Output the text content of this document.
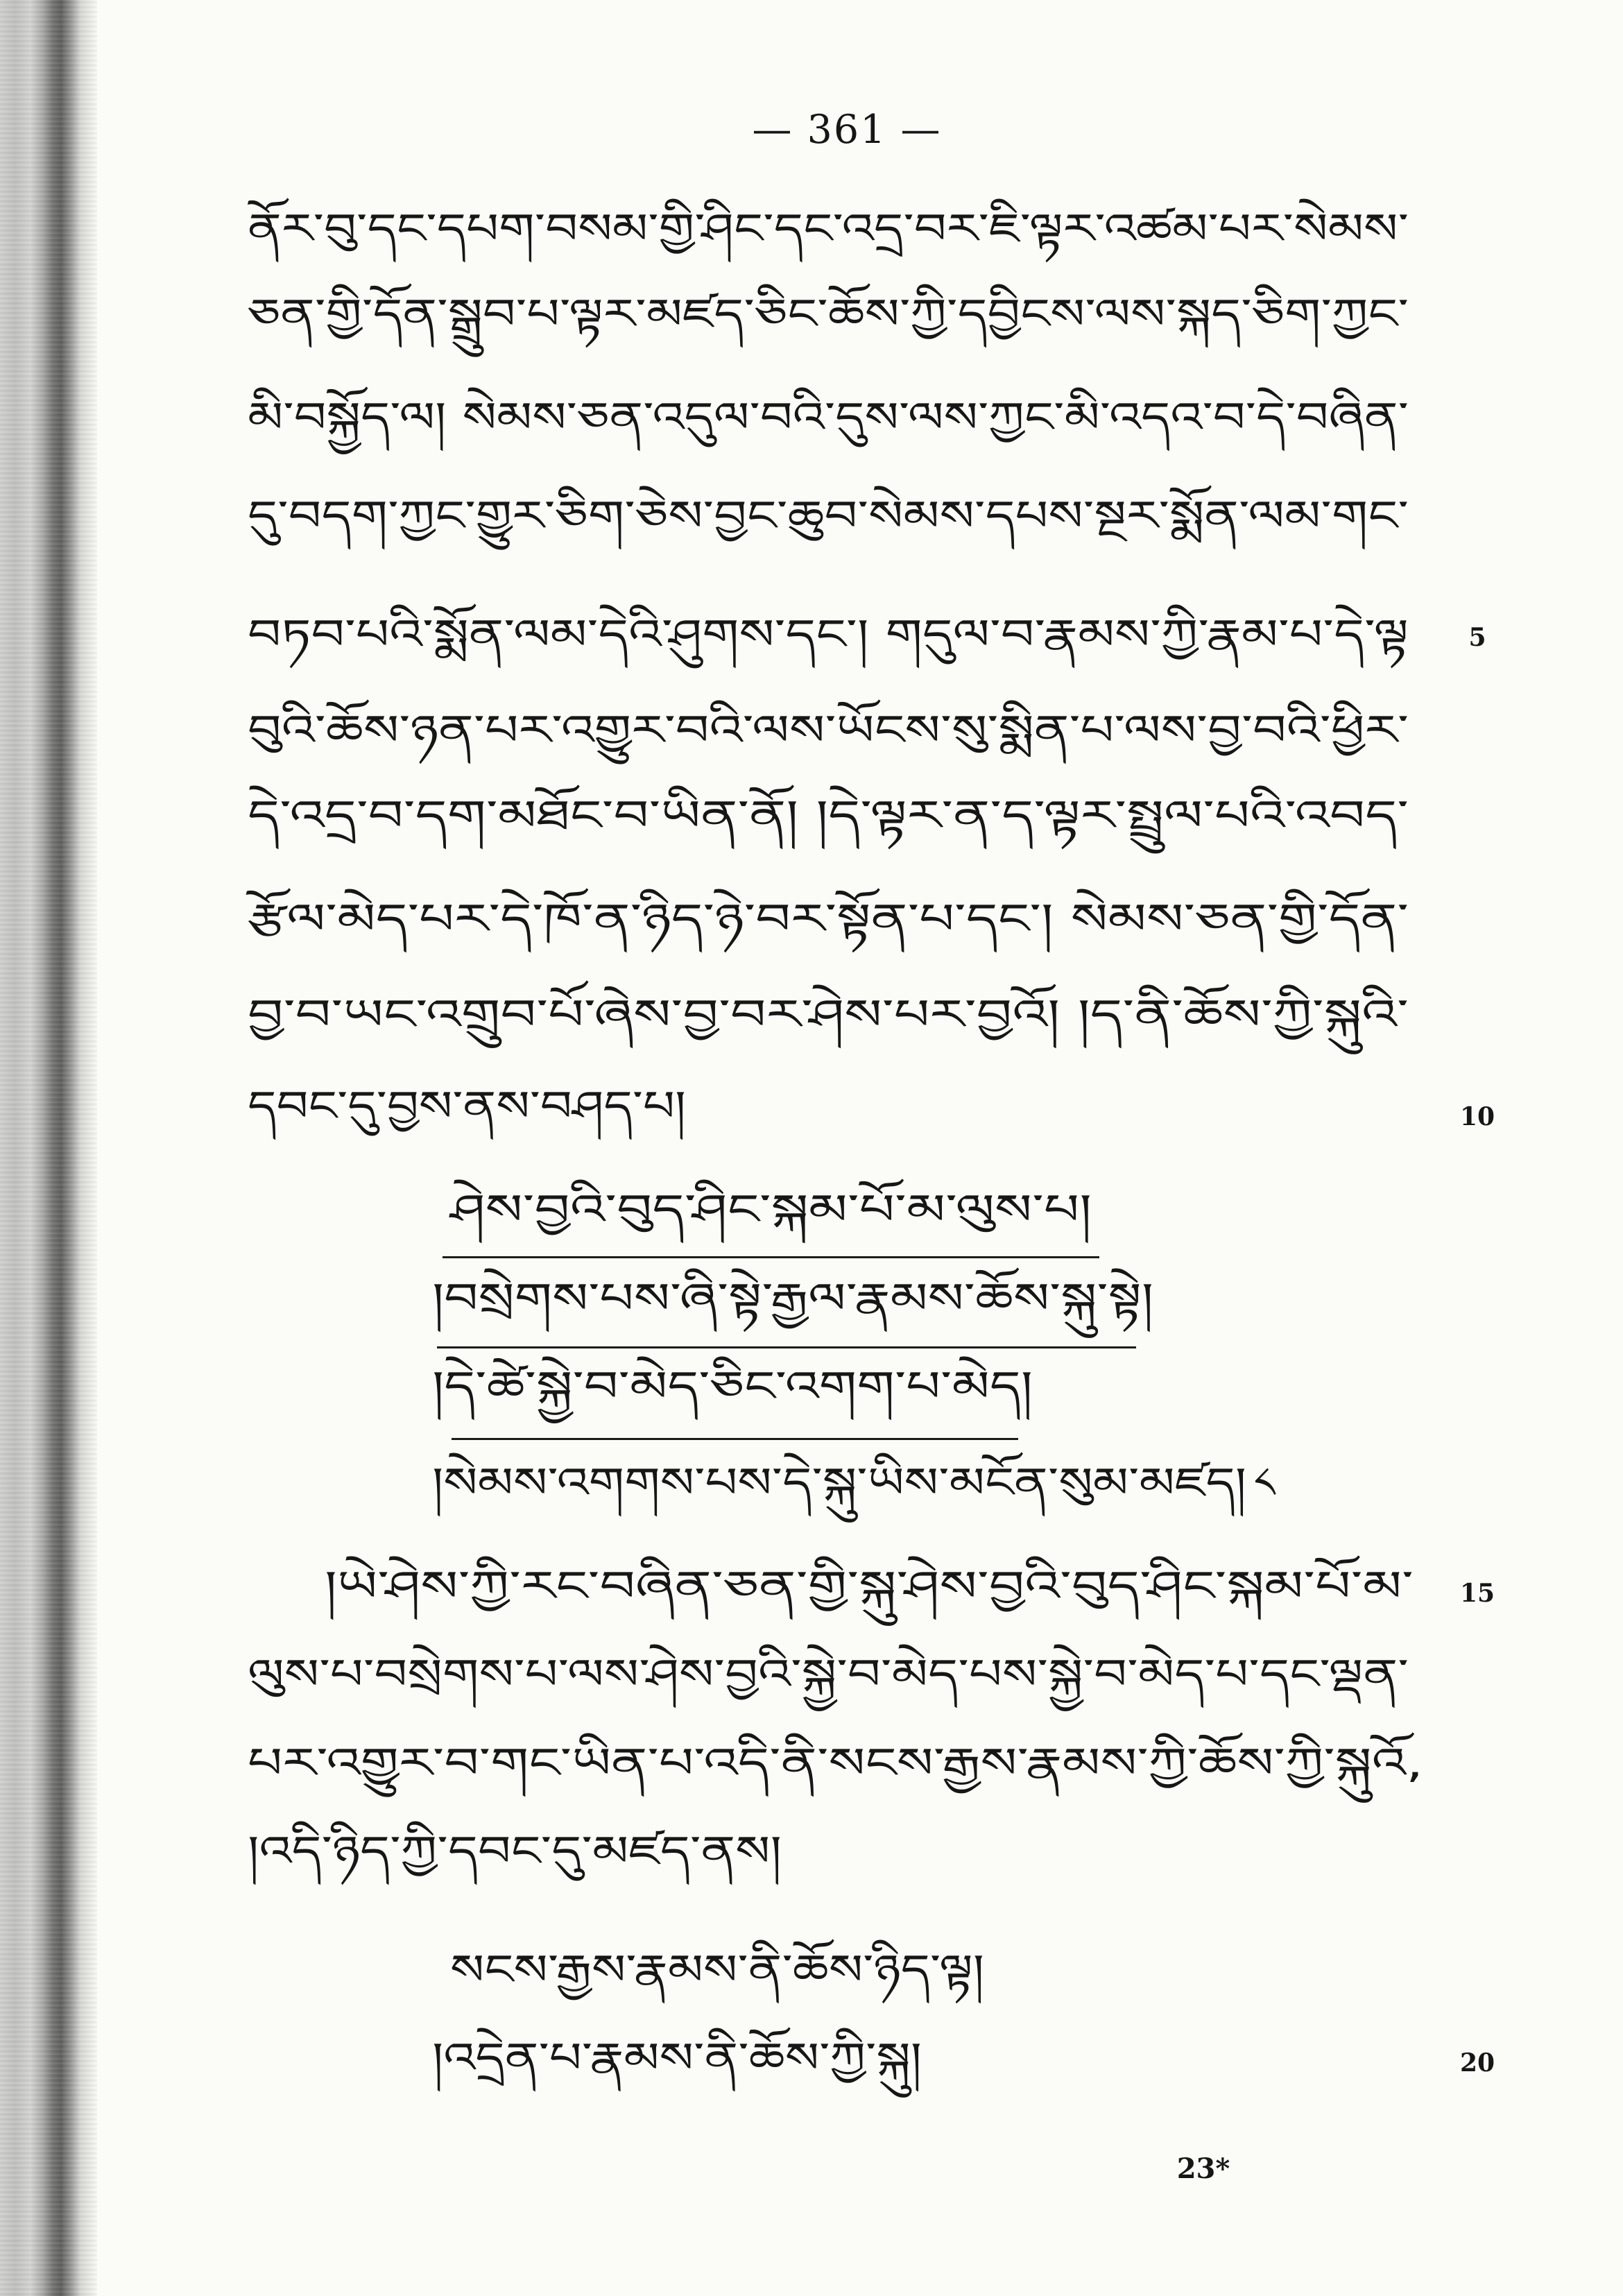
— 361 —
ནོར་བུ་དང་དཔག་བསམ་གྱི་ཤིང་དང་འདྲ་བར་ཇི་ལྟར་འཚམ་པར་སེམས་
ཅན་གྱི་དོན་སྒྲུབ་པ་ལྟར་མཛད་ཅིང་ཆོས་ཀྱི་དབྱིངས་ལས་སྐད་ཅིག་ཀྱང་
མི་བསྐྱོད་ལ། སེམས་ཅན་འདུལ་བའི་དུས་ལས་ཀྱང་མི་འདའ་བ་དེ་བཞིན་
དུ་བདག་ཀྱང་གྱུར་ཅིག་ཅེས་བྱང་ཆུབ་སེམས་དཔས་སྔར་སྨོན་ལམ་གང་
བཏབ་པའི་སྨོན་ལམ་དེའི་ཤུགས་དང་། གདུལ་བ་རྣམས་ཀྱི་རྣམ་པ་དེ་ལྟ
བུའི་ཆོས་ཉན་པར་འགྱུར་བའི་ལས་ཡོངས་སུ་སྨིན་པ་ལས་བྱ་བའི་ཕྱིར་
དེ་འདྲ་བ་དག་མཐོང་བ་ཡིན་ནོ། །དེ་ལྟར་ན་ད་ལྟར་སྤྲུལ་པའི་འབད་
རྩོལ་མེད་པར་དེ་ཁོ་ན་ཉིད་ཉེ་བར་སྟོན་པ་དང་། སེམས་ཅན་གྱི་དོན་
བྱ་བ་ཡང་འགྲུབ་པོ་ཞེས་བྱ་བར་ཤེས་པར་བྱའོ། །ད་ནི་ཆོས་ཀྱི་སྐུའི་
དབང་དུ་བྱས་ནས་བཤད་པ།
ཤེས་བྱའི་བུད་ཤིང་སྐམ་པོ་མ་ལུས་པ།
།བསྲེགས་པས་ཞི་སྟེ་རྒྱལ་རྣམས་ཆོས་སྐུ་སྟེ།
།དེ་ཚེ་སྐྱེ་བ་མེད་ཅིང་འགག་པ་མེད།
།སེམས་འགགས་པས་དེ་སྐུ་ཡིས་མངོན་སུམ་མཛད། ༨
།ཡེ་ཤེས་ཀྱི་རང་བཞིན་ཅན་གྱི་སྐུ་ཤེས་བྱའི་བུད་ཤིང་སྐམ་པོ་མ་
ལུས་པ་བསྲེགས་པ་ལས་ཤེས་བྱའི་སྐྱེ་བ་མེད་པས་སྐྱེ་བ་མེད་པ་དང་ལྡན་
པར་འགྱུར་བ་གང་ཡིན་པ་འདི་ནི་སངས་རྒྱས་རྣམས་ཀྱི་ཆོས་ཀྱི་སྐུའོ,
།འདི་ཉིད་ཀྱི་དབང་དུ་མཛད་ནས།
སངས་རྒྱས་རྣམས་ནི་ཆོས་ཉིད་ལྟ།
།འདྲེན་པ་རྣམས་ནི་ཆོས་ཀྱི་སྐུ།
5
10
15
20
23*
